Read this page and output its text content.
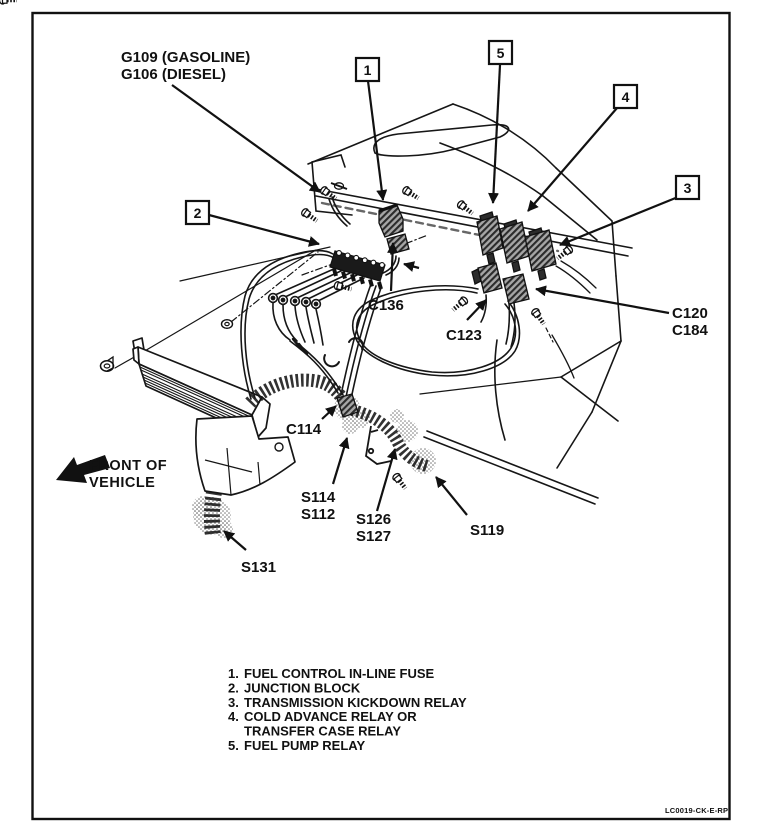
1
2
3
4
5
G109 (GASOLINE)
G106 (DIESEL)
C136
C123
C120
C184
C114
S114
S112 S126
S127	S119
S131
FRONT OF
VEHICLE
1. FUEL CONTROL IN-LINE FUSE
2. JUNCTION BLOCK
3. TRANSMISSION KICKDOWN RELAY
4. COLD ADVANCE RELAY OR
TRANSFER CASE RELAY
5. FUEL PUMP RELAY
LC0019-CK-E-RP
